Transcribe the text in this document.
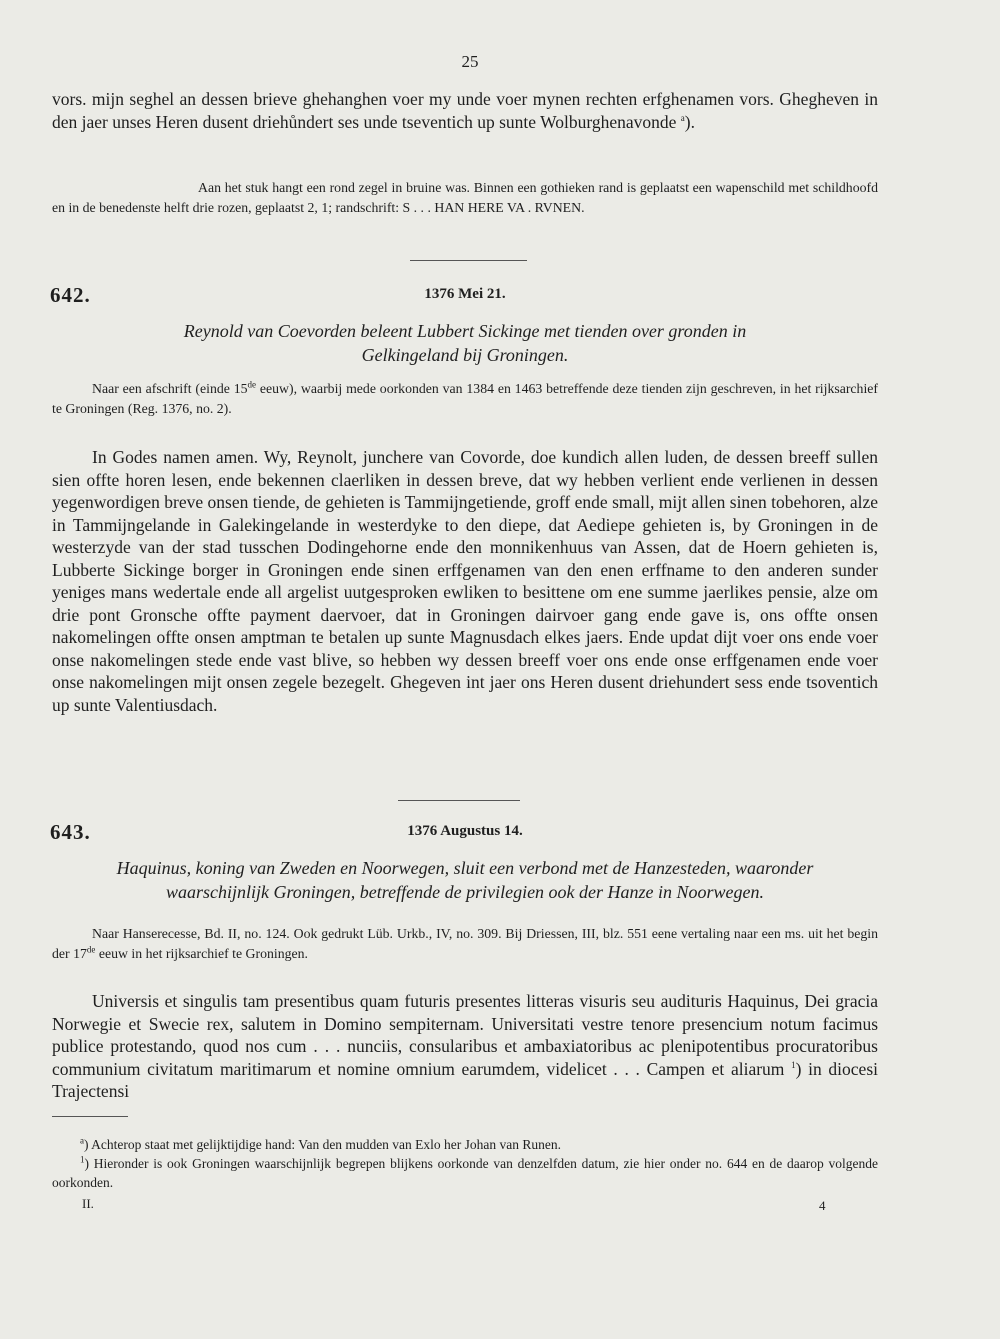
25
vors. mijn seghel an dessen brieve ghehanghen voer my unde voer mynen rechten erfghenamen vors. Ghegheven in den jaer unses Heren dusent driehůndert ses unde tseventich up sunte Wolburghenavonde $^a$).
Aan het stuk hangt een rond zegel in bruine was. Binnen een gothieken rand is geplaatst een wapenschild met schildhoofd en in de benedenste helft drie rozen, geplaatst 2, 1; randschrift: S . . . HAN HERE VA . RVNEN.
642.	1376 Mei 21.
Reynold van Coevorden beleent Lubbert Sickinge met tienden over gronden in
Gelkingeland bij Groningen.
Naar een afschrift (einde 15de eeuw), waarbij mede oorkonden van 1384 en 1463 betreffende deze tienden zijn geschreven, in het rijksarchief te Groningen (Reg. 1376, no. 2).
In Godes namen amen. Wy, Reynolt, junchere van Covorde, doe kundich allen luden, de dessen breeff sullen sien offte horen lesen, ende bekennen claerliken in dessen breve, dat wy hebben verlient ende verlienen in dessen yegenwordigen breve onsen tiende, de gehieten is Tammijngetiende, groff ende small, mijt allen sinen tobehoren, alze in Tammijngelande in Galekingelande in westerdyke to den diepe, dat Aediepe gehieten is, by Groningen in de westerzyde van der stad tusschen Dodingehorne ende den monnikenhuus van Assen, dat de Hoern gehieten is, Lubberte Sickinge borger in Groningen ende sinen erffgenamen van den enen erffname to den anderen sunder yeniges mans wedertale ende all argelist uutgesproken ewliken to besittene om ene summe jaerlikes pensie, alze om drie pont Gronsche offte payment daervoer, dat in Groningen dairvoer gang ende gave is, ons offte onsen nakomelingen offte onsen amptman te betalen up sunte Magnusdach elkes jaers. Ende updat dijt voer ons ende voer onse nakomelingen stede ende vast blive, so hebben wy dessen breeff voer ons ende onse erffgenamen ende voer onse nakomelingen mijt onsen zegele bezegelt. Ghegeven int jaer ons Heren dusent driehundert sess ende tsoventich up sunte Valentiusdach.
643.	1376 Augustus 14.
Haquinus, koning van Zweden en Noorwegen, sluit een verbond met de Hanzesteden, waaronder
waarschijnlijk Groningen, betreffende de privilegien ook der Hanze in Noorwegen.
Naar Hanserecesse, Bd. II, no. 124. Ook gedrukt Lüb. Urkb., IV, no. 309. Bij Driessen, III, blz. 551 eene vertaling naar een ms. uit het begin der 17de eeuw in het rijksarchief te Groningen.
Universis et singulis tam presentibus quam futuris presentes litteras visuris seu audituris Haquinus, Dei gracia Norwegie et Swecie rex, salutem in Domino sempiternam. Universitati vestre tenore presencium notum facimus publice protestando, quod nos cum . . . nunciis, consularibus et ambaxiatoribus ac plenipotentibus procuratoribus communium civitatum maritimarum et nomine omnium earumdem, videlicet . . . Campen et aliarum $^1$) in diocesi Trajectensi
$^a$) Achterop staat met gelijktijdige hand: Van den mudden van Exlo her Johan van Runen.
$^1$) Hieronder is ook Groningen waarschijnlijk begrepen blijkens oorkonde van denzelfden datum, zie hier onder no. 644 en de daarop volgende oorkonden.
II.	4
